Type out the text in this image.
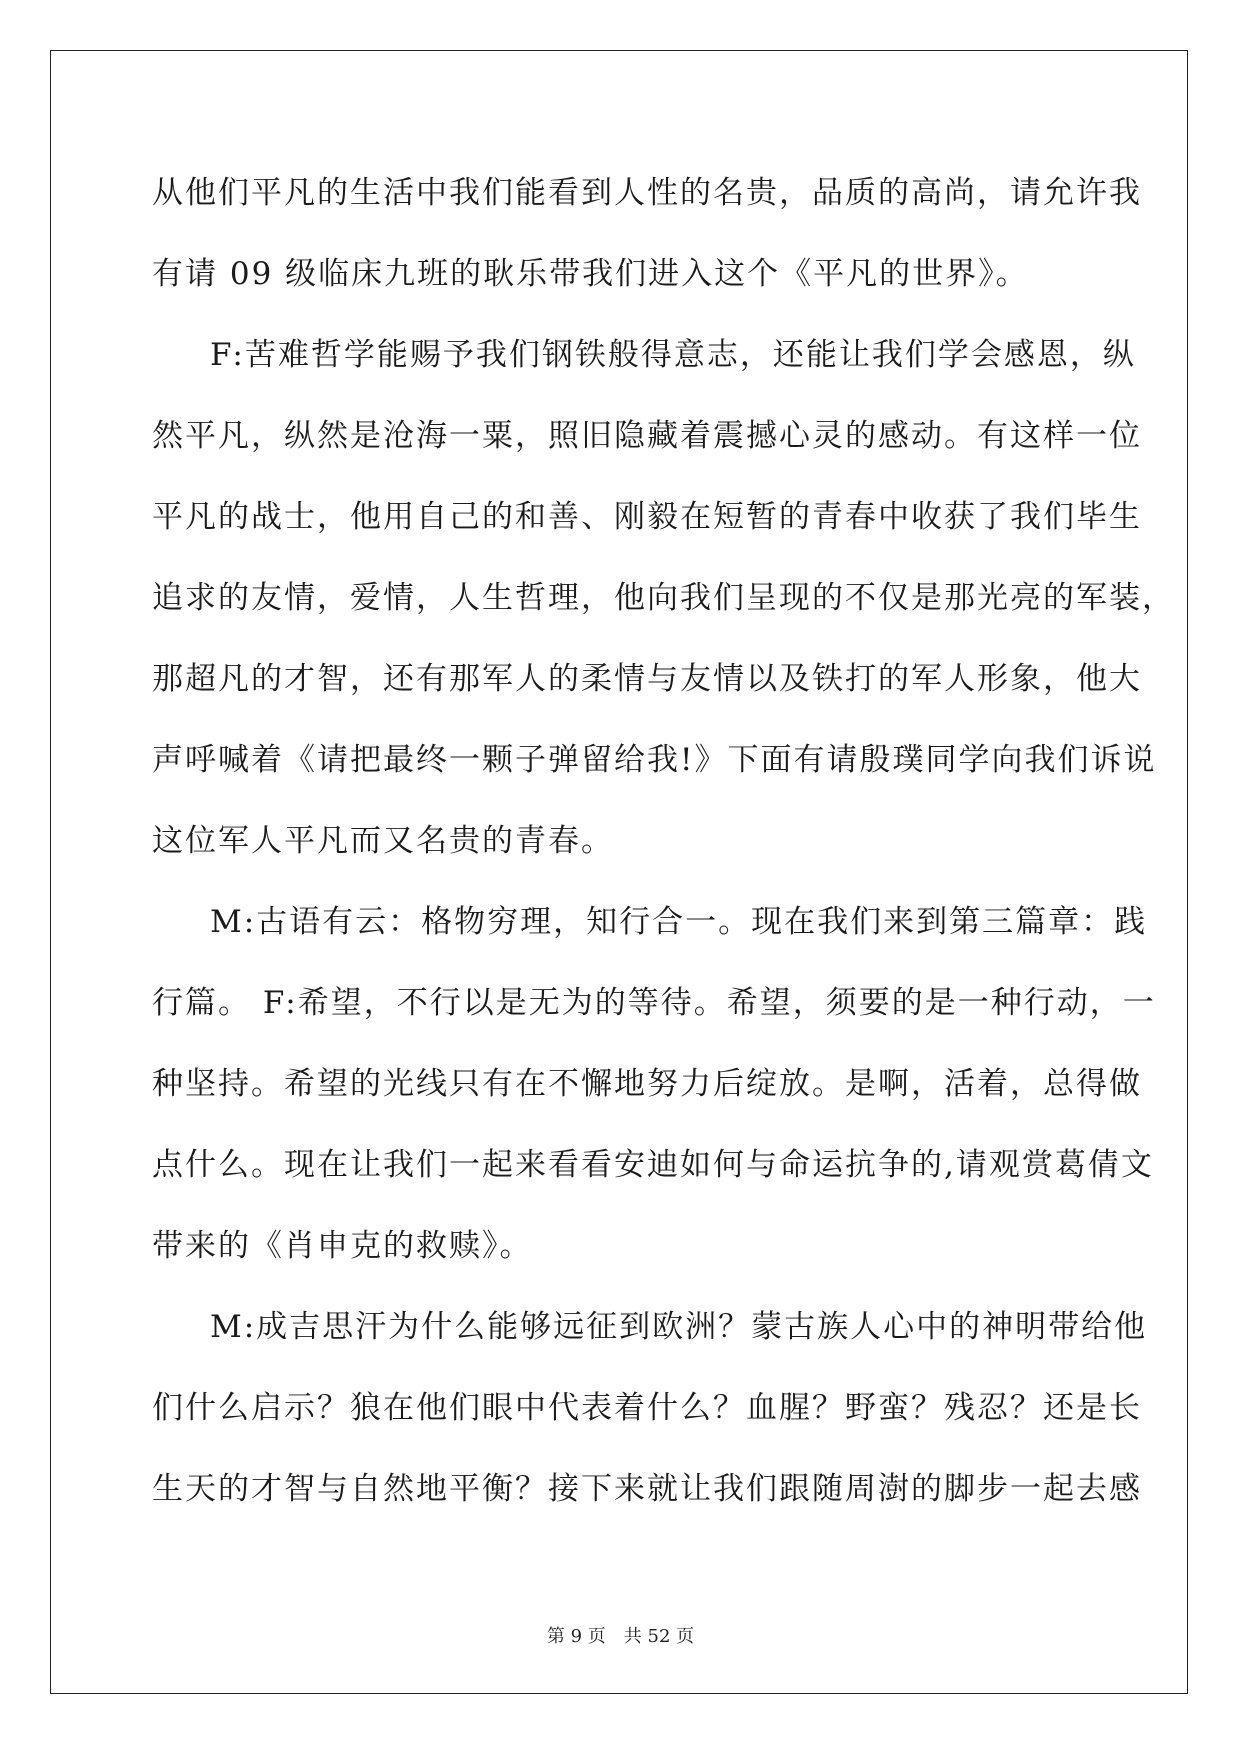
从他们平凡的生活中我们能看到人性的名贵，品质的高尚，请允许我
有请 09 级临床九班的耿乐带我们进入这个《平凡的世界》。
F:苦难哲学能赐予我们钢铁般得意志，还能让我们学会感恩，纵
然平凡，纵然是沧海一粟，照旧隐藏着震撼心灵的感动。有这样一位
平凡的战士，他用自己的和善、刚毅在短暂的青春中收获了我们毕生
追求的友情，爱情，人生哲理，他向我们呈现的不仅是那光亮的军装，
那超凡的才智，还有那军人的柔情与友情以及铁打的军人形象，他大
声呼喊着《请把最终一颗子弹留给我!》下面有请殷璞同学向我们诉说
这位军人平凡而又名贵的青春。
M:古语有云：格物穷理，知行合一。现在我们来到第三篇章：践
行篇。 F:希望，不行以是无为的等待。希望，须要的是一种行动，一
种坚持。希望的光线只有在不懈地努力后绽放。是啊，活着，总得做
点什么。现在让我们一起来看看安迪如何与命运抗争的,请观赏葛倩文
带来的《肖申克的救赎》。
M:成吉思汗为什么能够远征到欧洲？蒙古族人心中的神明带给他
们什么启示？狼在他们眼中代表着什么？血腥？野蛮？残忍？还是长
生天的才智与自然地平衡？接下来就让我们跟随周澍的脚步一起去感
第 9 页　共 52 页
